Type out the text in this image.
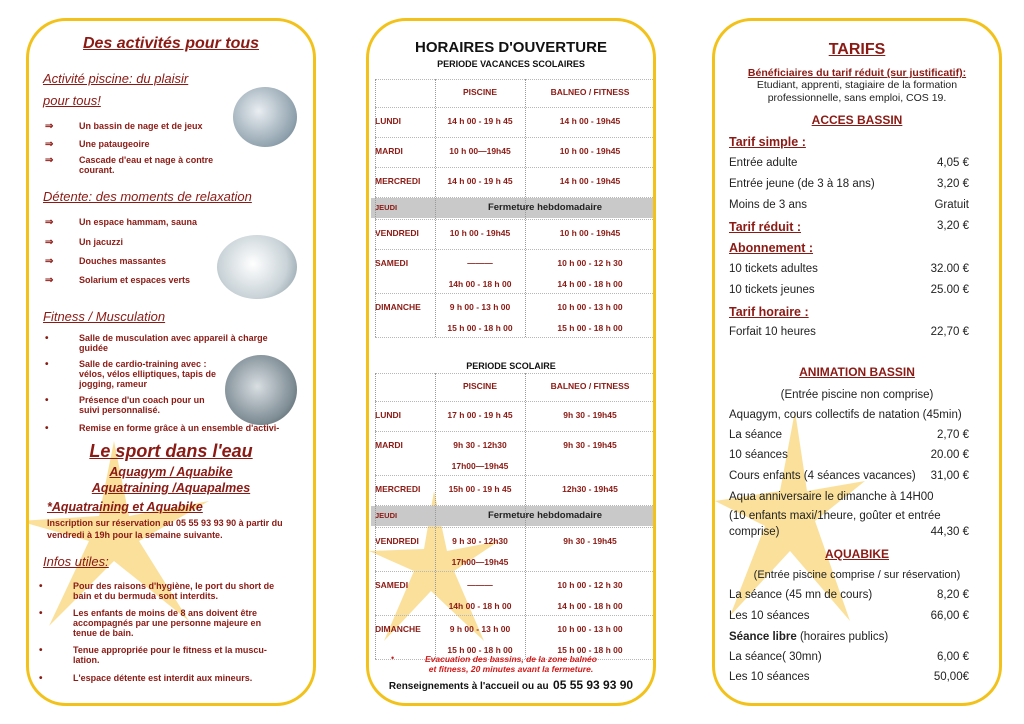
Des activités pour tous
Activité piscine: du plaisir
pour tous!
⇒	Un bassin de nage et de jeux
⇒	Une pataugeoire
⇒	Cascade d'eau et nage à contre courant.
Détente: des moments de relaxation
⇒	Un espace hammam, sauna
⇒	Un jacuzzi
⇒	Douches massantes
⇒	Solarium et espaces verts
Fitness / Musculation
•	Salle de musculation avec appareil à charge guidée
•	Salle de cardio-training avec : vélos, vélos elliptiques, tapis de jogging, rameur
•	Présence d'un coach pour un suivi personnalisé.
•	Remise en forme grâce à un ensemble d'activi-
Le sport dans l'eau
Aquagym / Aquabike
Aquatraining /Aquapalmes
*Aquatraining et Aquabike
Inscription sur réservation au 05 55 93 93 90 à partir du vendredi à 19h pour la semaine suivante.
Infos utiles:
•	Pour des raisons d'hygiène, le port du short de bain et du bermuda sont interdits.
•	Les enfants de moins de 8 ans doivent être accompagnés par une personne majeure en tenue de bain.
•	Tenue appropriée pour le fitness et la muscu-lation.
•	L'espace détente est interdit aux mineurs.
HORAIRES D'OUVERTURE
PERIODE VACANCES SCOLAIRES
PISCINE	BALNEO / FITNESS
LUNDI	14 h 00 - 19 h 45	14 h 00 - 19h45
MARDI	10 h 00—19h45	10 h 00 - 19h45
MERCREDI	14 h 00 - 19 h 45	14 h 00 - 19h45
JEUDI	Fermeture hebdomadaire
VENDREDI	10 h 00 - 19h45	10 h 00 - 19h45
SAMEDI	———	10 h 00 - 12 h 30
14h 00 - 18 h 00	14 h 00 - 18 h 00
DIMANCHE	9 h 00 - 13 h 00	10 h 00 - 13 h 00
15 h 00 - 18 h 00	15 h 00 - 18 h 00
PERIODE SCOLAIRE
PISCINE	BALNEO / FITNESS
LUNDI	17 h 00 - 19 h 45	9h 30 - 19h45
MARDI	9h 30 - 12h30	9h 30 - 19h45
17h00—19h45
MERCREDI	15h 00 - 19 h 45	12h30 - 19h45
JEUDI	Fermeture hebdomadaire
VENDREDI	9 h 30 - 12h30	9h 30 - 19h45
17h00—19h45
SAMEDI	———	10 h 00 - 12 h 30
14h 00 - 18 h 00	14 h 00 - 18 h 00
DIMANCHE	9 h 00 - 13 h 00	10 h 00 - 13 h 00
15 h 00 - 18 h 00	15 h 00 - 18 h 00
•	Evacuation des bassins, de la zone balnéo
et fitness, 20 minutes avant la fermeture.
Renseignements à l'accueil ou au 05 55 93 93 90
TARIFS
Bénéficiaires du tarif réduit (sur justificatif):
Etudiant, apprenti, stagiaire de la formation
professionnelle, sans emploi, COS 19.
ACCES BASSIN
Tarif simple :
Entrée adulte	4,05 €
Entrée jeune (de 3 à 18 ans)	3,20 €
Moins de 3 ans	Gratuit
Tarif réduit :	3,20 €
Abonnement :
10 tickets adultes	32.00 €
10 tickets jeunes	25.00 €
Tarif horaire :
Forfait 10 heures	22,70 €
ANIMATION BASSIN
(Entrée piscine non comprise)
Aquagym, cours collectifs de natation (45min)
La séance	2,70 €
10 séances	20.00 €
Cours enfants (4 séances vacances) 31,00 €
Aqua anniversaire le dimanche à 14H00
(10 enfants maxi/1heure, goûter et entrée
comprise)	44,30 €
AQUABIKE
(Entrée piscine comprise / sur réservation)
La séance (45 mn de cours)	8,20 €
Les 10 séances	66,00 €
Séance libre (horaires publics)
La séance( 30mn)	6,00 €
Les 10 séances	50,00€
